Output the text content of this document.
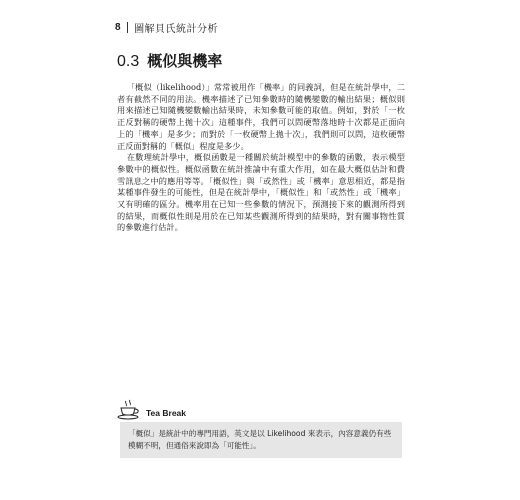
8 圖解貝氏統計分析
0.3 概似與機率

「概似（likelihood）」常常被用作「機率」的同義詞，但是在統計學中，二者有截然不同的用法。機率描述了已知參數時的隨機變數的輸出結果；概似則用來描述已知隨機變數輸出結果時，未知參數可能的取值。例如，對於「一枚正反對稱的硬幣上拋十次」這種事件，我們可以問硬幣落地時十次都是正面向上的「機率」是多少；而對於「一枚硬幣上拋十次」，我們則可以問，這枚硬幣正反面對稱的「概似」程度是多少。

在數理統計學中，概似函數是一種關於統計模型中的參數的函數，表示模型參數中的概似性。概似函數在統計推論中有重大作用，如在最大概似估計和費雪訊息之中的應用等等。「概似性」與「或然性」或「機率」意思相近，都是指某種事件發生的可能性，但是在統計學中，「概似性」和「或然性」或「機率」又有明確的區分。機率用在已知一些參數的情況下，預測接下來的觀測所得到的結果，而概似性則是用於在已知某些觀測所得到的結果時，對有關事物性質的參數進行估計。

Tea Break
「概似」是統計中的專門用語，英文是以 Likelihood 來表示，內容意義仍有些模糊不明，但通俗來說即為「可能性」。
